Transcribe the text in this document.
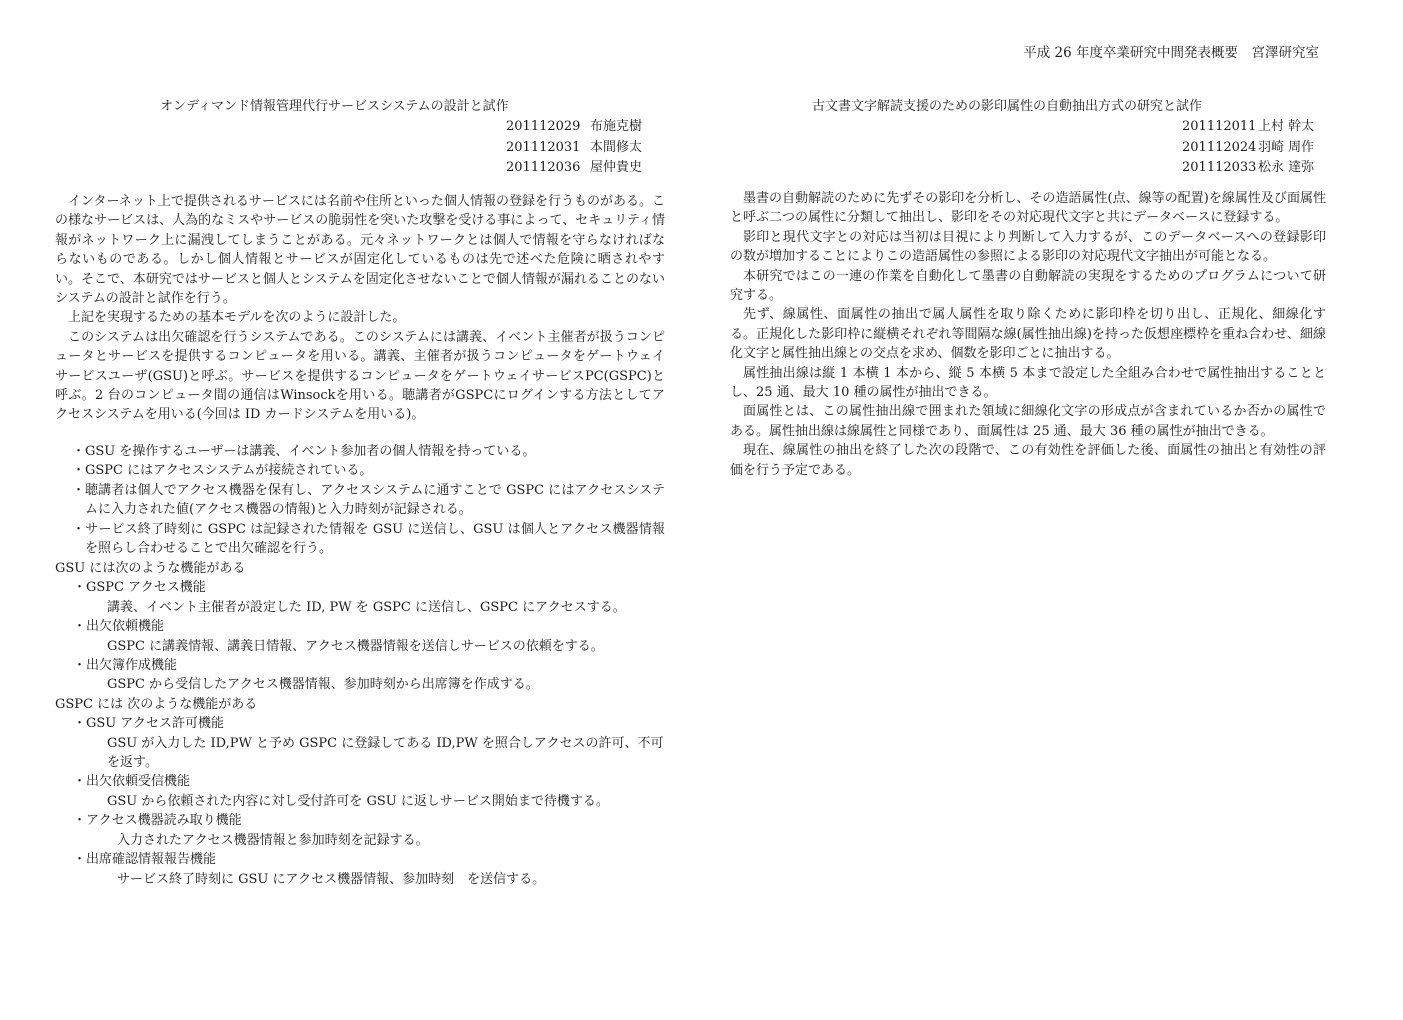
平成 26 年度卒業研究中間発表概要　宮澤研究室
オンディマンド情報管理代行サービスシステムの設計と試作
201112029 布施克樹
201112031 本間修太
201112036 屋仲貴史

インターネット上で提供されるサービスには名前や住所といった個人情報の登録を行うものがある。この様なサービスは、人為的なミスやサービスの脆弱性を突いた攻撃を受ける事によって、セキュリティ情報がネットワーク上に漏洩してしまうことがある。元々ネットワークとは個人で情報を守らなければならないものである。しかし個人情報とサービスが固定化しているものは先で述べた危険に晒されやすい。そこで、本研究ではサービスと個人とシステムを固定化させないことで個人情報が漏れることのないシステムの設計と試作を行う。

上記を実現するための基本モデルを次のように設計した。

このシステムは出欠確認を行うシステムである。このシステムには講義、イベント主催者が扱うコンピュータとサービスを提供するコンピュータを用いる。講義、主催者が扱うコンピュータをゲートウェイサービスユーザ(GSU)と呼ぶ。サービスを提供するコンピュータをゲートウェイサービスPC(GSPC)と呼ぶ。2 台のコンピュータ間の通信はWinsockを用いる。聴講者がGSPCにログインする方法としてアクセスシステムを用いる(今回は ID カードシステムを用いる)。

・GSU を操作するユーザーは講義、イベント参加者の個人情報を持っている。
・GSPC にはアクセスシステムが接続されている。
・聴講者は個人でアクセス機器を保有し、アクセスシステムに通すことで GSPC にはアクセスシステムに入力された値(アクセス機器の情報)と入力時刻が記録される。
・サービス終了時刻に GSPC は記録された情報を GSU に送信し、GSU は個人とアクセス機器情報を照らし合わせることで出欠確認を行う。
GSU には次のような機能がある
・GSPC アクセス機能
講義、イベント主催者が設定した ID, PW を GSPC に送信し、GSPC にアクセスする。
・出欠依頼機能
GSPC に講義情報、講義日情報、アクセス機器情報を送信しサービスの依頼をする。
・出欠簿作成機能
GSPC から受信したアクセス機器情報、参加時刻から出席簿を作成する。
GSPC には 次のような機能がある
・GSU アクセス許可機能
GSU が入力した ID,PW と予め GSPC に登録してある ID,PW を照合しアクセスの許可、不可を返す。
・出欠依頼受信機能
GSU から依頼された内容に対し受付許可を GSU に返しサービス開始まで待機する。
・アクセス機器読み取り機能
入力されたアクセス機器情報と参加時刻を記録する。
・出席確認情報報告機能
サービス終了時刻に GSU にアクセス機器情報、参加時刻　を送信する。
古文書文字解読支援のための影印属性の自動抽出方式の研究と試作
201112011 上村 幹太
201112024 羽崎 周作
201112033 松永 達弥

墨書の自動解読のために先ずその影印を分析し、その造語属性(点、線等の配置)を線属性及び面属性と呼ぶ二つの属性に分類して抽出し、影印をその対応現代文字と共にデータベースに登録する。

影印と現代文字との対応は当初は目視により判断して入力するが、このデータベースへの登録影印の数が増加することによりこの造語属性の参照による影印の対応現代文字抽出が可能となる。

本研究ではこの一連の作業を自動化して墨書の自動解読の実現をするためのプログラムについて研究する。

先ず、線属性、面属性の抽出で属人属性を取り除くために影印枠を切り出し、正規化、細線化する。正規化した影印枠に縦横それぞれ等間隔な線(属性抽出線)を持った仮想座標枠を重ね合わせ、細線化文字と属性抽出線との交点を求め、個数を影印ごとに抽出する。

属性抽出線は縦 1 本横 1 本から、縦 5 本横 5 本まで設定した全組み合わせで属性抽出することとし、25 通、最大 10 種の属性が抽出できる。

面属性とは、この属性抽出線で囲まれた領域に細線化文字の形成点が含まれているか否かの属性である。属性抽出線は線属性と同様であり、面属性は 25 通、最大 36 種の属性が抽出できる。

現在、線属性の抽出を終了した次の段階で、この有効性を評価した後、面属性の抽出と有効性の評価を行う予定である。
